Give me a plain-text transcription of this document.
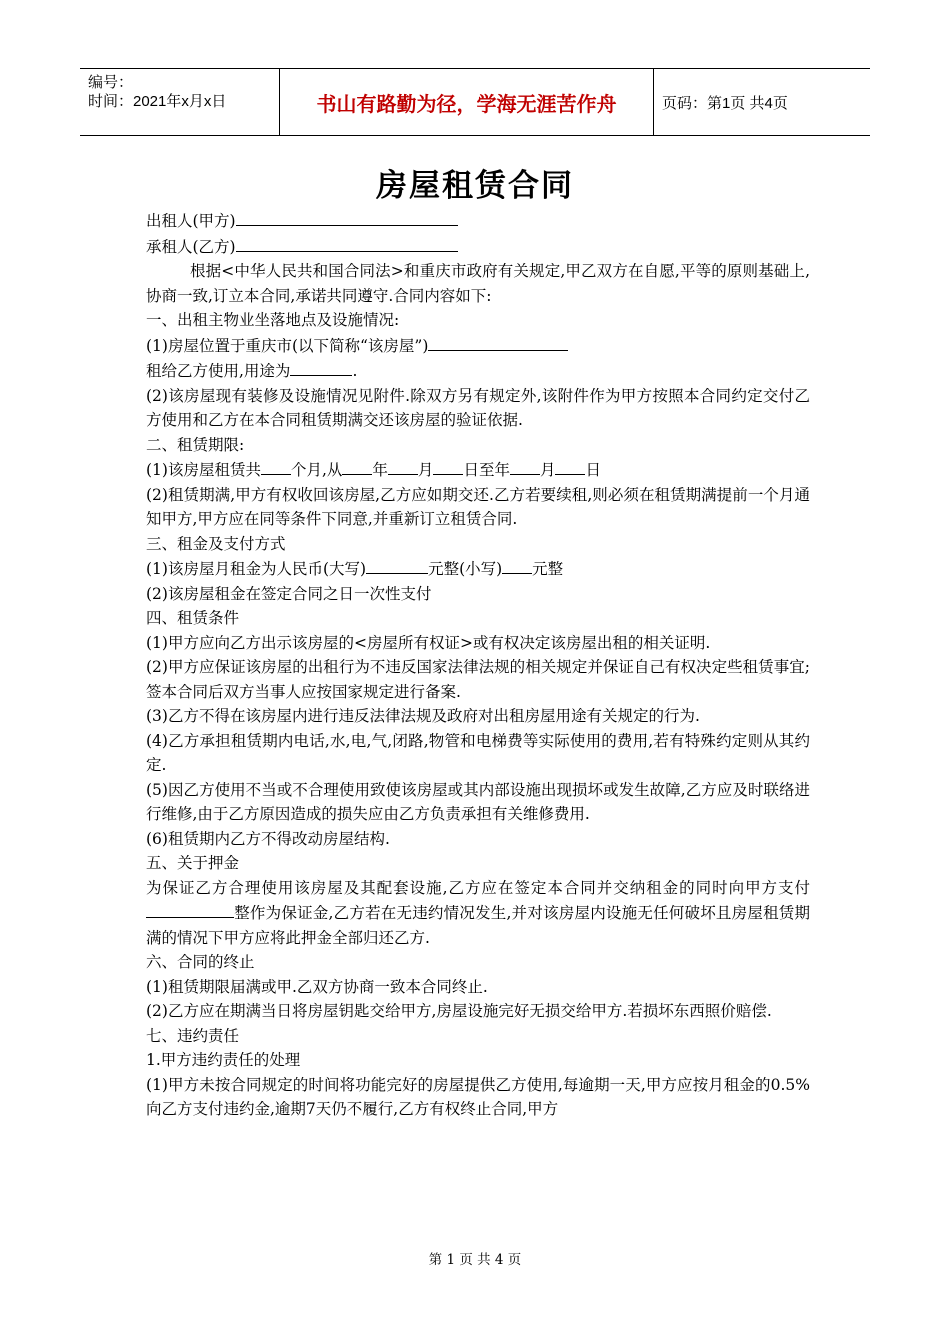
编号：
时间：2021年x月x日	书山有路勤为径，学海无涯苦作舟	页码：第1页 共4页
房屋租赁合同

出租人(甲方)

承租人(乙方)

根据<中华人民共和国合同法>和重庆市政府有关规定,甲乙双方在自愿,平等的原则基础上,协商一致,订立本合同,承诺共同遵守.合同内容如下:

一、出租主物业坐落地点及设施情况:

(1)房屋位置于重庆市(以下简称“该房屋”)

租给乙方使用,用途为	.

(2)该房屋现有装修及设施情况见附件.除双方另有规定外,该附件作为甲方按照本合同约定交付乙方使用和乙方在本合同租赁期满交还该房屋的验证依据.

二、租赁期限:

(1)该房屋租赁共 个月,从 年 月 日至年 月 日

(2)租赁期满,甲方有权收回该房屋,乙方应如期交还.乙方若要续租,则必须在租赁期满提前一个月通知甲方,甲方应在同等条件下同意,并重新订立租赁合同.

三、租金及支付方式

(1)该房屋月租金为人民币(大写)	元整(小写) 元整

(2)该房屋租金在签定合同之日一次性支付

四、租赁条件

(1)甲方应向乙方出示该房屋的<房屋所有权证>或有权决定该房屋出租的相关证明.

(2)甲方应保证该房屋的出租行为不违反国家法律法规的相关规定并保证自己有权决定些租赁事宜;签本合同后双方当事人应按国家规定进行备案.

(3)乙方不得在该房屋内进行违反法律法规及政府对出租房屋用途有关规定的行为.

(4)乙方承担租赁期内电话,水,电,气,闭路,物管和电梯费等实际使用的费用,若有特殊约定则从其约定.

(5)因乙方使用不当或不合理使用致使该房屋或其内部设施出现损坏或发生故障,乙方应及时联络进行维修,由于乙方原因造成的损失应由乙方负责承担有关维修费用.

(6)租赁期内乙方不得改动房屋结构.

五、关于押金

为保证乙方合理使用该房屋及其配套设施,乙方应在签定本合同并交纳租金的同时向甲方支付整作为保证金,乙方若在无违约情况发生,并对该房屋内设施无任何破坏且房屋租赁期满的情况下甲方应将此押金全部归还乙方.

六、合同的终止

(1)租赁期限届满或甲.乙双方协商一致本合同终止.

(2)乙方应在期满当日将房屋钥匙交给甲方,房屋设施完好无损交给甲方.若损坏东西照价赔偿.

七、违约责任

1.甲方违约责任的处理

(1)甲方未按合同规定的时间将功能完好的房屋提供乙方使用,每逾期一天,甲方应按月租金的0.5%向乙方支付违约金,逾期7天仍不履行,乙方有权终止合同,甲方

第 1 页 共 4 页
